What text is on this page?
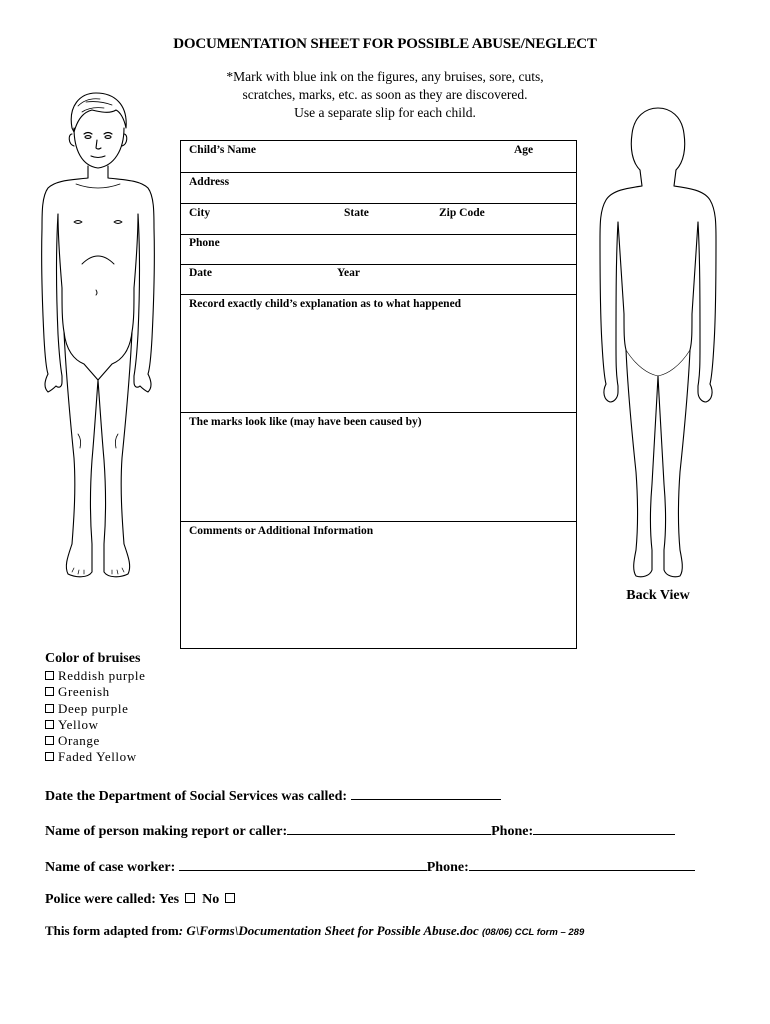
DOCUMENTATION SHEET FOR POSSIBLE ABUSE/NEGLECT
*Mark with blue ink on the figures, any bruises, sore, cuts,
scratches, marks, etc. as soon as they are discovered.
Use a separate slip for each child.
Back View
Child’s Name	Age
Address
City	State	Zip Code
Phone
Date	Year
Record exactly child’s explanation as to what happened
The marks look like (may have been caused by)
Comments or Additional Information
Color of bruises
Reddish purple
Greenish
Deep purple
Yellow
Orange
Faded Yellow
Date the Department of Social Services was called:
Name of person making report or caller:	Phone:
Name of case worker:	Phone:
Police were called: Yes No
This form adapted from: G\Forms\Documentation Sheet for Possible Abuse.doc (08/06) CCL form – 289
